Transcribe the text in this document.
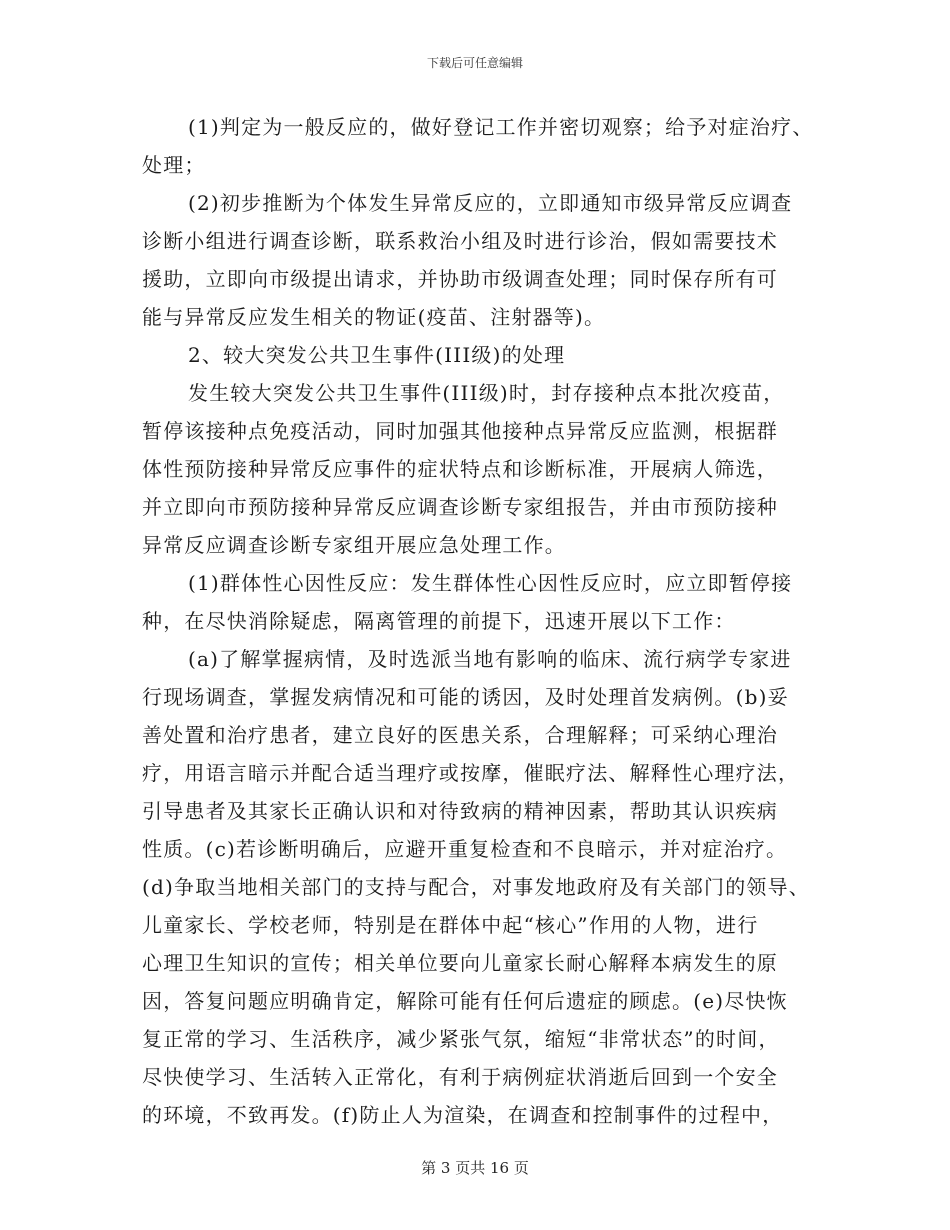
下载后可任意编辑
(1)判定为一般反应的，做好登记工作并密切观察；给予对症治疗、
处理；
(2)初步推断为个体发生异常反应的，立即通知市级异常反应调查
诊断小组进行调查诊断，联系救治小组及时进行诊治，假如需要技术
援助，立即向市级提出请求，并协助市级调查处理；同时保存所有可
能与异常反应发生相关的物证(疫苗、注射器等)。
2、较大突发公共卫生事件(III级)的处理
发生较大突发公共卫生事件(III级)时，封存接种点本批次疫苗，
暂停该接种点免疫活动，同时加强其他接种点异常反应监测，根据群
体性预防接种异常反应事件的症状特点和诊断标准，开展病人筛选，
并立即向市预防接种异常反应调查诊断专家组报告，并由市预防接种
异常反应调查诊断专家组开展应急处理工作。
(1)群体性心因性反应：发生群体性心因性反应时，应立即暂停接
种，在尽快消除疑虑，隔离管理的前提下，迅速开展以下工作：
(a)了解掌握病情，及时选派当地有影响的临床、流行病学专家进
行现场调查，掌握发病情况和可能的诱因，及时处理首发病例。(b)妥
善处置和治疗患者，建立良好的医患关系，合理解释；可采纳心理治
疗，用语言暗示并配合适当理疗或按摩，催眠疗法、解释性心理疗法，
引导患者及其家长正确认识和对待致病的精神因素，帮助其认识疾病
性质。(c)若诊断明确后，应避开重复检查和不良暗示，并对症治疗。
(d)争取当地相关部门的支持与配合，对事发地政府及有关部门的领导、
儿童家长、学校老师，特别是在群体中起“核心”作用的人物，进行
心理卫生知识的宣传；相关单位要向儿童家长耐心解释本病发生的原
因，答复问题应明确肯定，解除可能有任何后遗症的顾虑。(e)尽快恢
复正常的学习、生活秩序，减少紧张气氛，缩短“非常状态”的时间，
尽快使学习、生活转入正常化，有利于病例症状消逝后回到一个安全
的环境，不致再发。(f)防止人为渲染，在调查和控制事件的过程中，
第 3 页共 16 页
